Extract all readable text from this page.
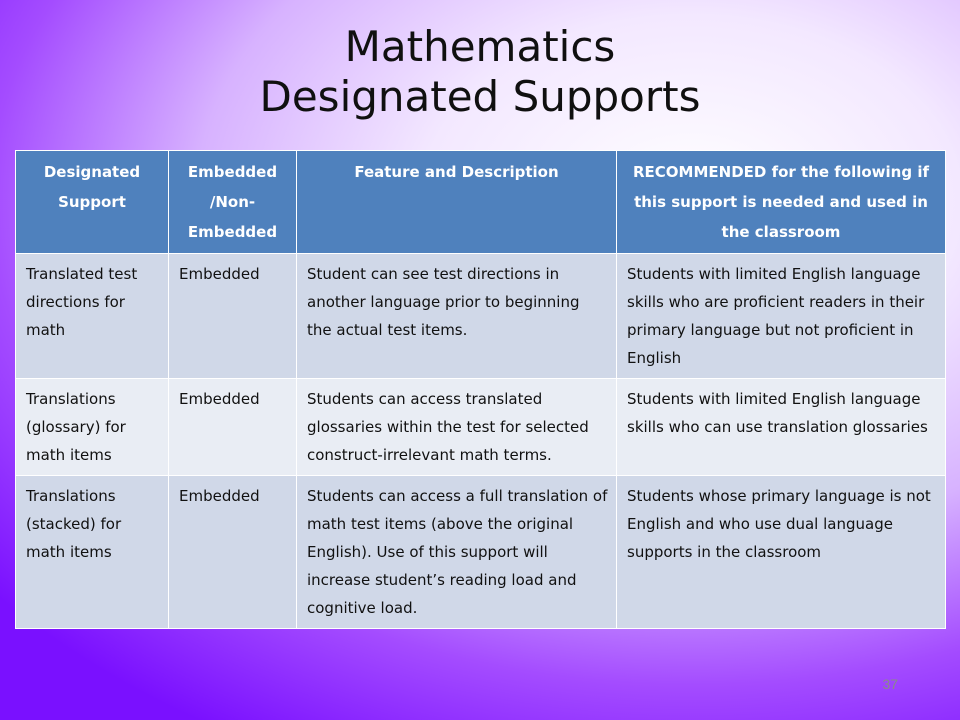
Mathematics
Designated Supports
Designated Support	Embedded /Non-Embedded	Feature and Description	RECOMMENDED for the following if this support is needed and used in the classroom
Translated test directions for math	Embedded	Student can see test directions in another language prior to beginning the actual test items.	Students with limited English language skills who are proficient readers in their primary language but not proficient in English
Translations (glossary) for math items	Embedded	Students can access translated glossaries within the test for selected construct-irrelevant math terms.	Students with limited English language skills who can use translation glossaries
Translations (stacked) for math items	Embedded	Students can access a full translation of math test items (above the original English). Use of this support will increase student’s reading load and cognitive load.	Students whose primary language is not English and who use dual language supports in the classroom
37
